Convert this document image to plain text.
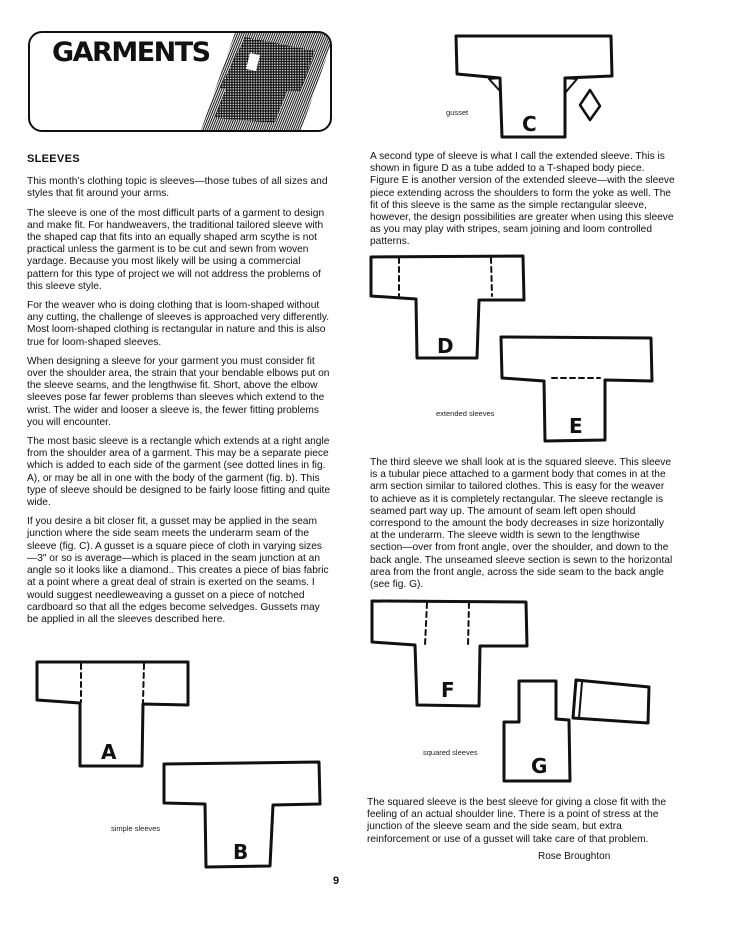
GARMENTS
SLEEVES

This month’s clothing topic is sleeves—those tubes of all sizes and styles that fit around your arms.

The sleeve is one of the most difficult parts of a garment to design and make fit. For handweavers, the traditional tailored sleeve with the shaped cap that fits into an equally shaped arm scythe is not practical unless the garment is to be cut and sewn from woven yardage. Because you most likely will be using a commercial pattern for this type of project we will not address the problems of this sleeve style.

For the weaver who is doing clothing that is loom-shaped without any cutting, the challenge of sleeves is approached very differently. Most loom-shaped clothing is rectangular in nature and this is also true for loom-shaped sleeves.

When designing a sleeve for your garment you must consider fit over the shoulder area, the strain that your bendable elbows put on the sleeve seams, and the lengthwise fit. Short, above the elbow sleeves pose far fewer problems than sleeves which extend to the wrist. The wider and looser a sleeve is, the fewer fitting problems you will encounter.

The most basic sleeve is a rectangle which extends at a right angle from the shoulder area of a garment. This may be a separate piece which is added to each side of the garment (see dotted lines in fig. A), or may be all in one with the body of the garment (fig. b). This type of sleeve should be designed to be fairly loose fitting and quite wide.

If you desire a bit closer fit, a gusset may be applied in the seam junction where the side seam meets the underarm seam of the sleeve (fig. C). A gusset is a square piece of cloth in varying sizes—3" or so is average—which is placed in the seam junction at an angle so it looks like a diamond.. This creates a piece of bias fabric at a point where a great deal of strain is exerted on the seams. I would suggest needleweaving a gusset on a piece of notched cardboard so that all the edges become selvedges. Gussets may be applied in all the sleeves described here.

C
gusset
A second type of sleeve is what I call the extended sleeve. This is shown in figure D as a tube added to a T-shaped body piece. Figure E is another version of the extended sleeve—with the sleeve piece extending across the shoulders to form the yoke as well. The fit of this sleeve is the same as the simple rectangular sleeve, however, the design possibilities are greater when using this sleeve as you may play with stripes, seam joining and loom controlled patterns.
D
E
extended sleeves
The third sleeve we shall look at is the squared sleeve. This sleeve is a tubular piece attached to a garment body that comes in at the arm section similar to tailored clothes. This is easy for the weaver to achieve as it is completely rectangular. The sleeve rectangle is seamed part way up. The amount of seam left open should correspond to the amount the body decreases in size horizontally at the underarm. The sleeve width is sewn to the lengthwise section—over from front angle, over the shoulder, and down to the back angle. The unseamed sleeve section is sewn to the horizontal area from the front angle, across the side seam to the back angle (see fig. G).
F
G
squared sleeves
The squared sleeve is the best sleeve for giving a close fit with the feeling of an actual shoulder line. There is a point of stress at the junction of the sleeve seam and the side seam, but extra reinforcement or use of a gusset will take care of that problem.
Rose Broughton
A
B
simple sleeves
9
